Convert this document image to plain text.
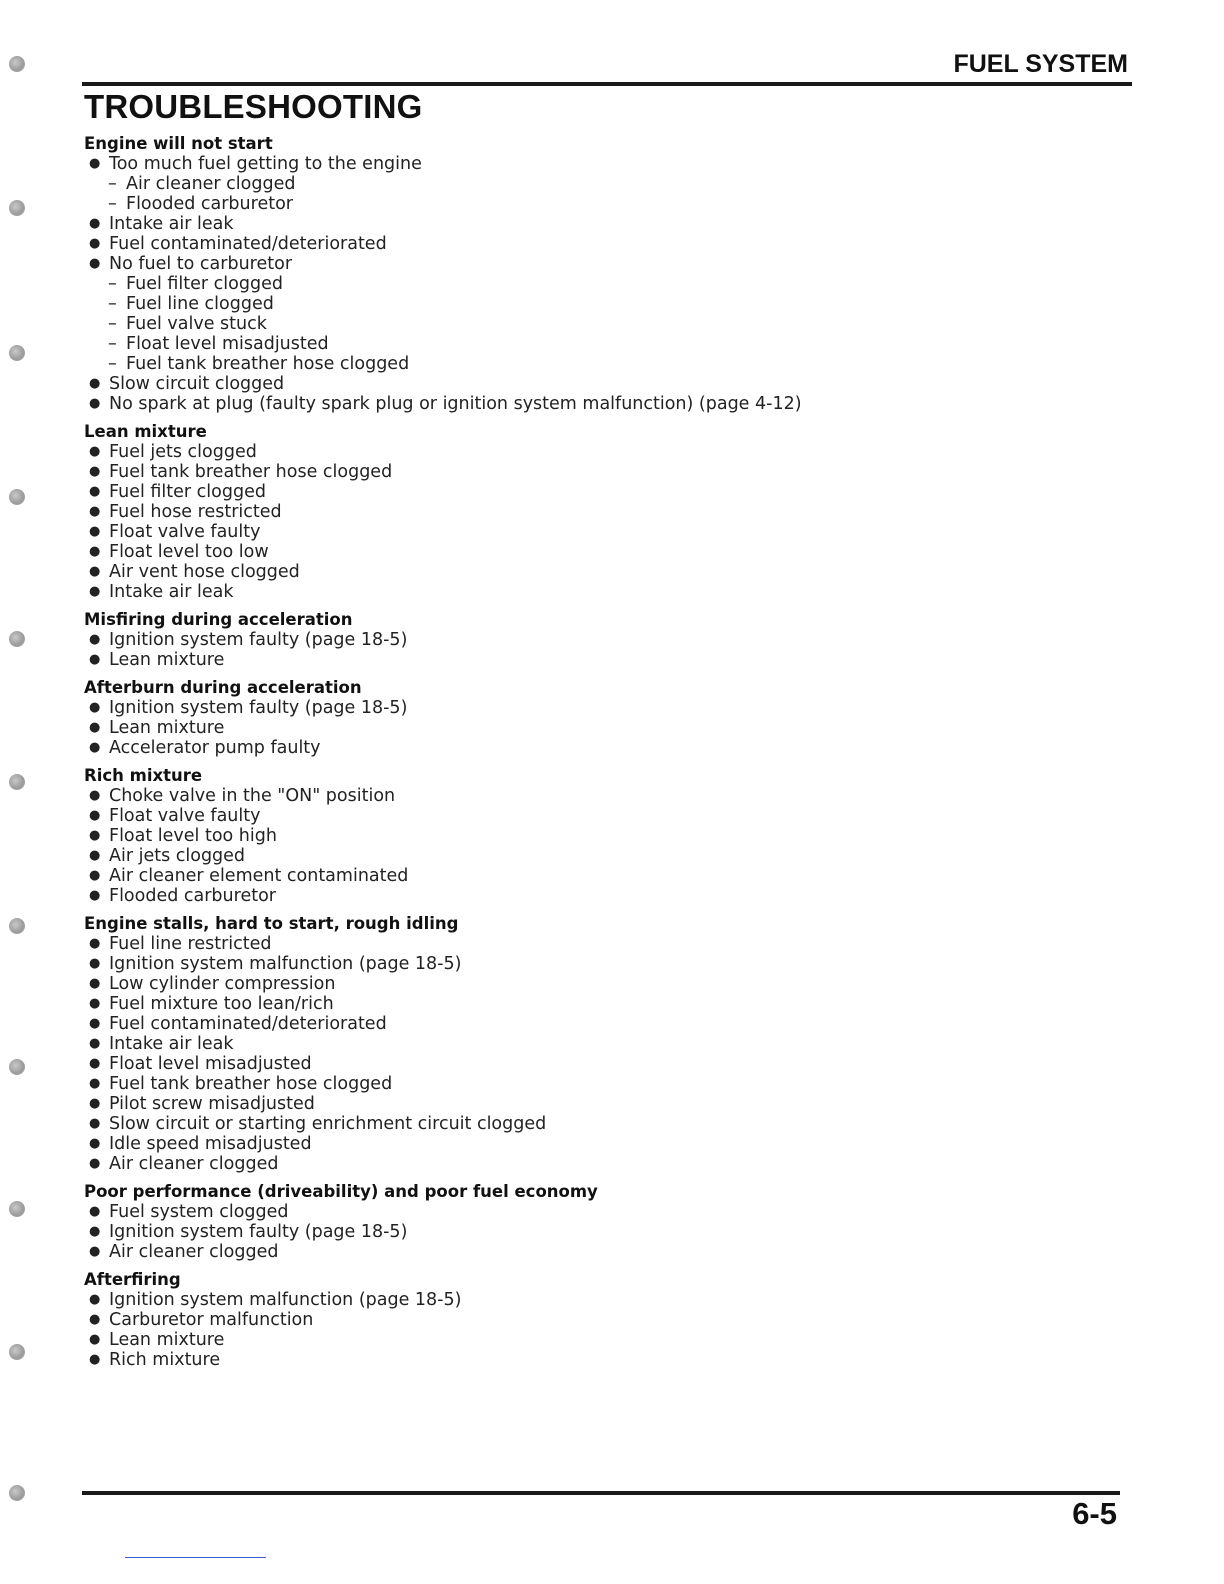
FUEL SYSTEM
TROUBLESHOOTING
Engine will not start
● Too much fuel getting to the engine
– Air cleaner clogged
– Flooded carburetor
● Intake air leak
● Fuel contaminated/deteriorated
● No fuel to carburetor
– Fuel filter clogged
– Fuel line clogged
– Fuel valve stuck
– Float level misadjusted
– Fuel tank breather hose clogged
● Slow circuit clogged
● No spark at plug (faulty spark plug or ignition system malfunction) (page 4-12)
Lean mixture
● Fuel jets clogged
● Fuel tank breather hose clogged
● Fuel filter clogged
● Fuel hose restricted
● Float valve faulty
● Float level too low
● Air vent hose clogged
● Intake air leak
Misfiring during acceleration
● Ignition system faulty (page 18-5)
● Lean mixture
Afterburn during acceleration
● Ignition system faulty (page 18-5)
● Lean mixture
● Accelerator pump faulty
Rich mixture
● Choke valve in the "ON" position
● Float valve faulty
● Float level too high
● Air jets clogged
● Air cleaner element contaminated
● Flooded carburetor
Engine stalls, hard to start, rough idling
● Fuel line restricted
● Ignition system malfunction (page 18-5)
● Low cylinder compression
● Fuel mixture too lean/rich
● Fuel contaminated/deteriorated
● Intake air leak
● Float level misadjusted
● Fuel tank breather hose clogged
● Pilot screw misadjusted
● Slow circuit or starting enrichment circuit clogged
● Idle speed misadjusted
● Air cleaner clogged
Poor performance (driveability) and poor fuel economy
● Fuel system clogged
● Ignition system faulty (page 18-5)
● Air cleaner clogged
Afterfiring
● Ignition system malfunction (page 18-5)
● Carburetor malfunction
● Lean mixture
● Rich mixture
6-5
